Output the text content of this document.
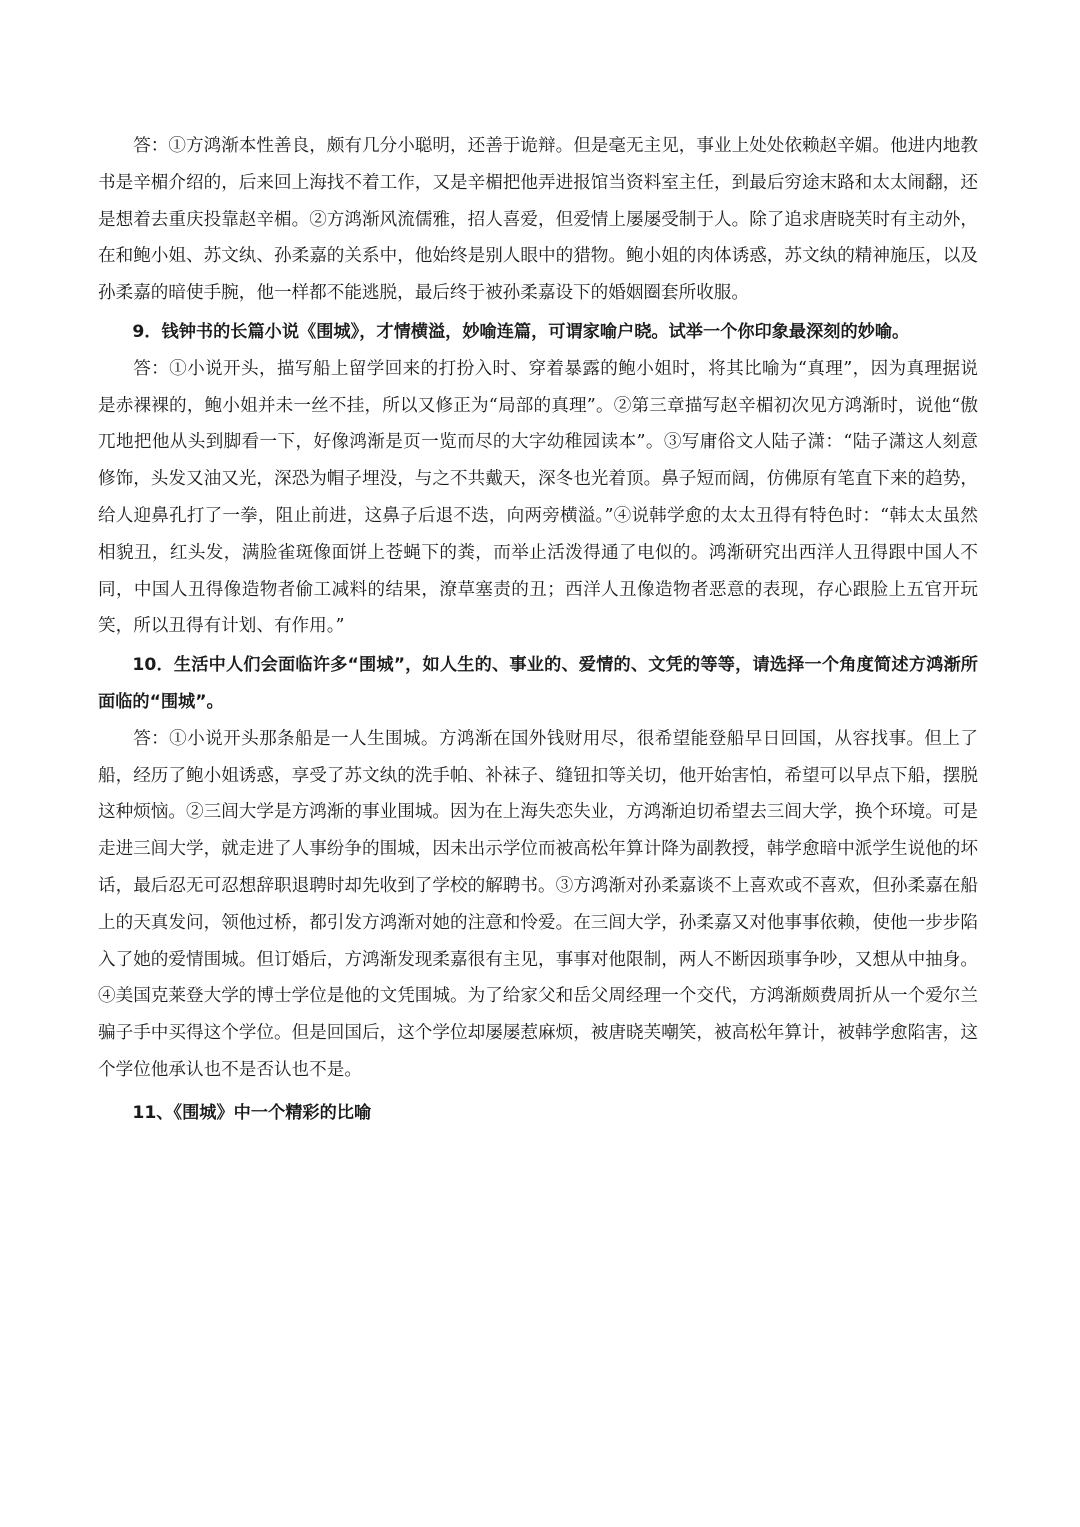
答：①方鸿渐本性善良，颇有几分小聪明，还善于诡辩。但是毫无主见，事业上处处依赖赵辛媚。他进内地教书是辛楣介绍的，后来回上海找不着工作，又是辛楣把他弄进报馆当资料室主任，到最后穷途末路和太太闹翻，还是想着去重庆投靠赵辛楣。②方鸿渐风流儒雅，招人喜爱，但爱情上屡屡受制于人。除了追求唐晓芙时有主动外，在和鲍小姐、苏文纨、孙柔嘉的关系中，他始终是别人眼中的猎物。鲍小姐的肉体诱惑，苏文纨的精神施压，以及孙柔嘉的暗使手腕，他一样都不能逃脱，最后终于被孙柔嘉设下的婚姻圈套所收服。

9．钱钟书的长篇小说《围城》，才情横溢，妙喻连篇，可谓家喻户晓。试举一个你印象最深刻的妙喻。

答：①小说开头，描写船上留学回来的打扮入时、穿着暴露的鲍小姐时，将其比喻为“真理”，因为真理据说是赤裸裸的，鲍小姐并未一丝不挂，所以又修正为“局部的真理”。②第三章描写赵辛楣初次见方鸿渐时，说他“傲兀地把他从头到脚看一下，好像鸿渐是页一览而尽的大字幼稚园读本”。③写庸俗文人陆子潇：“陆子潇这人刻意修饰，头发又油又光，深恐为帽子埋没，与之不共戴天，深冬也光着顶。鼻子短而阔，仿佛原有笔直下来的趋势，给人迎鼻孔打了一拳，阻止前进，这鼻子后退不迭，向两旁横溢。”④说韩学愈的太太丑得有特色时：“韩太太虽然相貌丑，红头发，满脸雀斑像面饼上苍蝇下的粪，而举止活泼得通了电似的。鸿渐研究出西洋人丑得跟中国人不同，中国人丑得像造物者偷工减料的结果，潦草塞责的丑；西洋人丑像造物者恶意的表现，存心跟脸上五官开玩笑，所以丑得有计划、有作用。”

10．生活中人们会面临许多“围城”，如人生的、事业的、爱情的、文凭的等等，请选择一个角度简述方鸿渐所面临的“围城”。

答：①小说开头那条船是一人生围城。方鸿渐在国外钱财用尽，很希望能登船早日回国，从容找事。但上了船，经历了鲍小姐诱惑，享受了苏文纨的洗手帕、补袜子、缝钮扣等关切，他开始害怕，希望可以早点下船，摆脱这种烦恼。②三闾大学是方鸿渐的事业围城。因为在上海失恋失业，方鸿渐迫切希望去三闾大学，换个环境。可是走进三闾大学，就走进了人事纷争的围城，因未出示学位而被高松年算计降为副教授，韩学愈暗中派学生说他的坏话，最后忍无可忍想辞职退聘时却先收到了学校的解聘书。③方鸿渐对孙柔嘉谈不上喜欢或不喜欢，但孙柔嘉在船上的天真发问，领他过桥，都引发方鸿渐对她的注意和怜爱。在三闾大学，孙柔嘉又对他事事依赖，使他一步步陷入了她的爱情围城。但订婚后，方鸿渐发现柔嘉很有主见，事事对他限制，两人不断因琐事争吵，又想从中抽身。④美国克莱登大学的博士学位是他的文凭围城。为了给家父和岳父周经理一个交代，方鸿渐颇费周折从一个爱尔兰骗子手中买得这个学位。但是回国后，这个学位却屡屡惹麻烦，被唐晓芙嘲笑，被高松年算计，被韩学愈陷害，这个学位他承认也不是否认也不是。

11、《围城》中一个精彩的比喻
